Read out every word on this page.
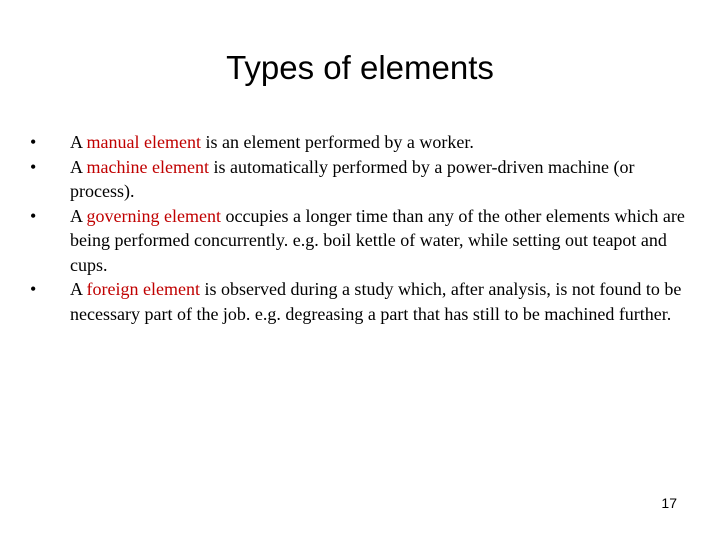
Types of elements
• A manual element is an element performed by a worker.
• A machine element is automatically performed by a power-driven machine (or process).
• A governing element occupies a longer time than any of the other elements which are being performed concurrently. e.g. boil kettle of water, while setting out teapot and cups.
• A foreign element is observed during a study which, after analysis, is not found to be necessary part of the job. e.g. degreasing a part that has still to be machined further.
17
